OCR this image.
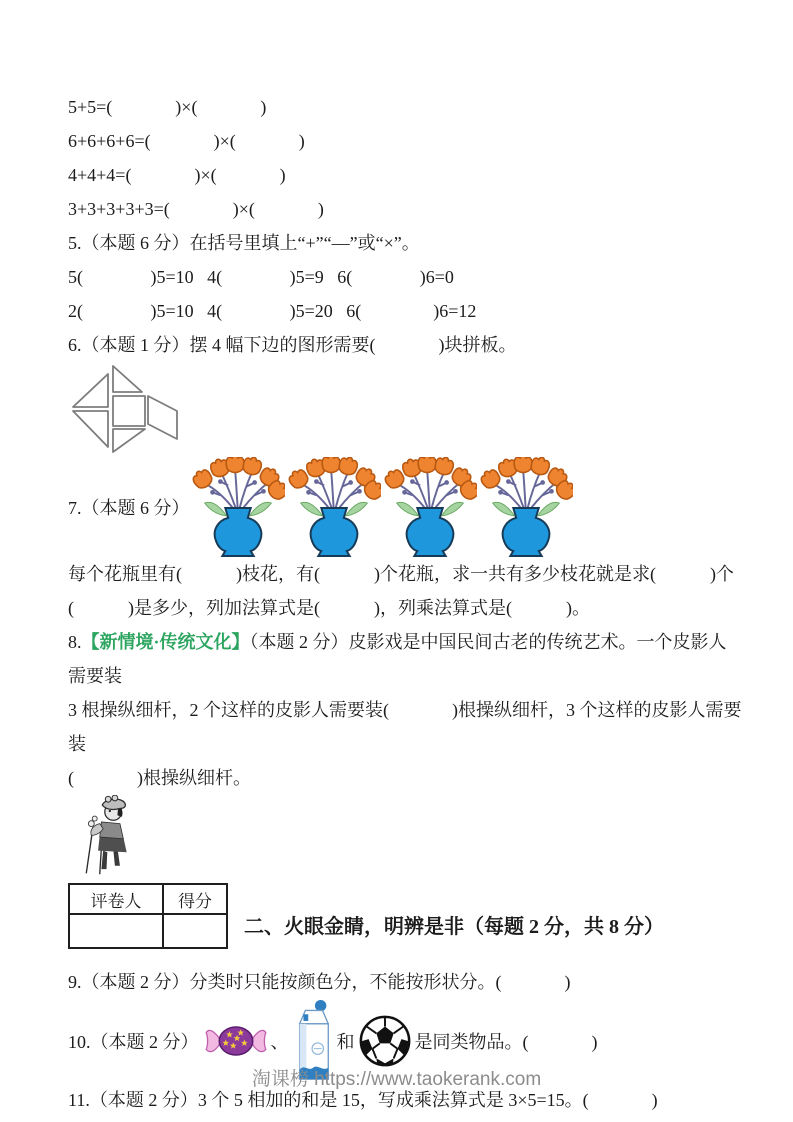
5+5=(              )×(              )

6+6+6+6=(              )×(              )

4+4+4=(              )×(              )

3+3+3+3+3=(              )×(              )

5.（本题 6 分）在括号里填上“+”“—”或“×”。

5(               )5=10   4(               )5=9   6(               )6=0

2(               )5=10   4(               )5=20   6(                )6=12

6.（本题 1 分）摆 4 幅下边的图形需要(              )块拼板。

7.（本题 6 分）

每个花瓶里有(            )枝花，有(            )个花瓶，求一共有多少枝花就是求(            )个

(            )是多少，列加法算式是(            )，列乘法算式是(            )。

8.【新情境·传统文化】（本题 2 分）皮影戏是中国民间古老的传统艺术。一个皮影人需要装

3 根操纵细杆，2 个这样的皮影人需要装(              )根操纵细杆，3 个这样的皮影人需要装

(              )根操纵细杆。

评卷人	得分

二、火眼金睛，明辨是非（每题 2 分，共 8 分）

9.（本题 2 分）分类时只能按颜色分，不能按形状分。(              )

10.（本题 2 分）	、	和	是同类物品。(              )

11.（本题 2 分）3 个 5 相加的和是 15，写成乘法算式是 3×5=15。(              )

淘课榜 https://www.taokerank.com
